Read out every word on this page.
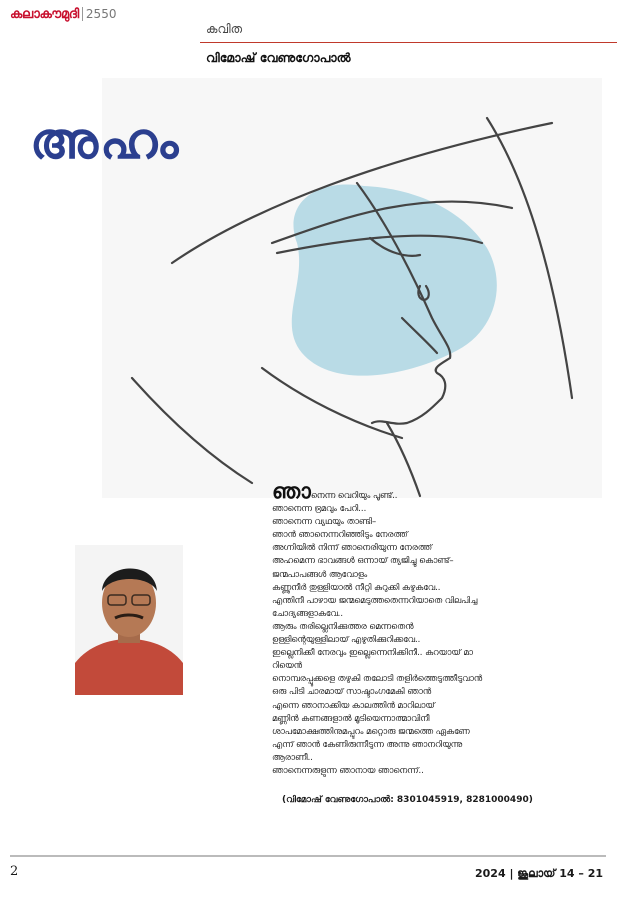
കലാകൗമുദി 2550
കവിത
വിമോഷ് വേണുഗോപാൽ
അഹം
ഞാനെന്ന വെറിയും പൂണ്ട്..
ഞാനെന്ന ഭ്രമവും പേറി...
ഞാനെന്ന വ്യഥയും താണ്ടി–
ഞാൻ ഞാനെന്നറിഞ്ഞിടും നേരത്ത്
അഗ്നിയിൽ നിന്ന് ഞാനെരിയുന്ന നേരത്ത്
അഹമെന്ന ഭാവങ്ങൾ ഒന്നായ് ത്യജിച്ചു കൊണ്ട്–
ജന്മപാപങ്ങൾ ആവോളം
കണ്ണുനീർ തുള്ളിയാൽ നീറ്റി കുറുക്കി കഴുകവേ..
എന്തിനീ പാഴായ ജന്മമെടുത്തതെന്നറിയാതെ വിലപിച്ച
ചോദ്യങ്ങളാകവേ..
ആരും തരില്ലെനിക്കുത്തര മെന്നതെൻ
ഉള്ളിന്റെയുള്ളിലായ് എഴുതിക്കുറിക്കവേ..
ഇല്ലെനിക്കീ നേരവും ഇല്ലെന്നെനിക്കിനീ.. കറയായ് മാ
റിയെൻ
നൊമ്പരപ്പൂക്കളെ തഴുകി തലോടി തളിർത്തെടുത്തീടുവാൻ
ഒരു പിടി ചാരമായ് സാഷ്ടാംഗമേകി ഞാൻ
എന്നെ ഞാനാക്കിയ കാലത്തിൻ മാറിലായ്
മണ്ണിൻ കണങ്ങളാൽ മൂടിയെന്നാത്മാവിനീ
ശാപമോക്ഷത്തിനുമപ്പുറം മറ്റൊരു ജന്മത്തെ ഏകണേ
എന്ന് ഞാൻ കേണിരുന്നീടുന്ന അന്നു ഞാനറിയുന്നു
ആരാണീ..
ഞാനെന്നരുളുന്ന ഞാനായ ഞാനെന്ന്..
(വിമോഷ് വേണുഗോപാൽ: 8301045919, 8281000490)
2	2024 | ജൂലായ് 14 – 21
